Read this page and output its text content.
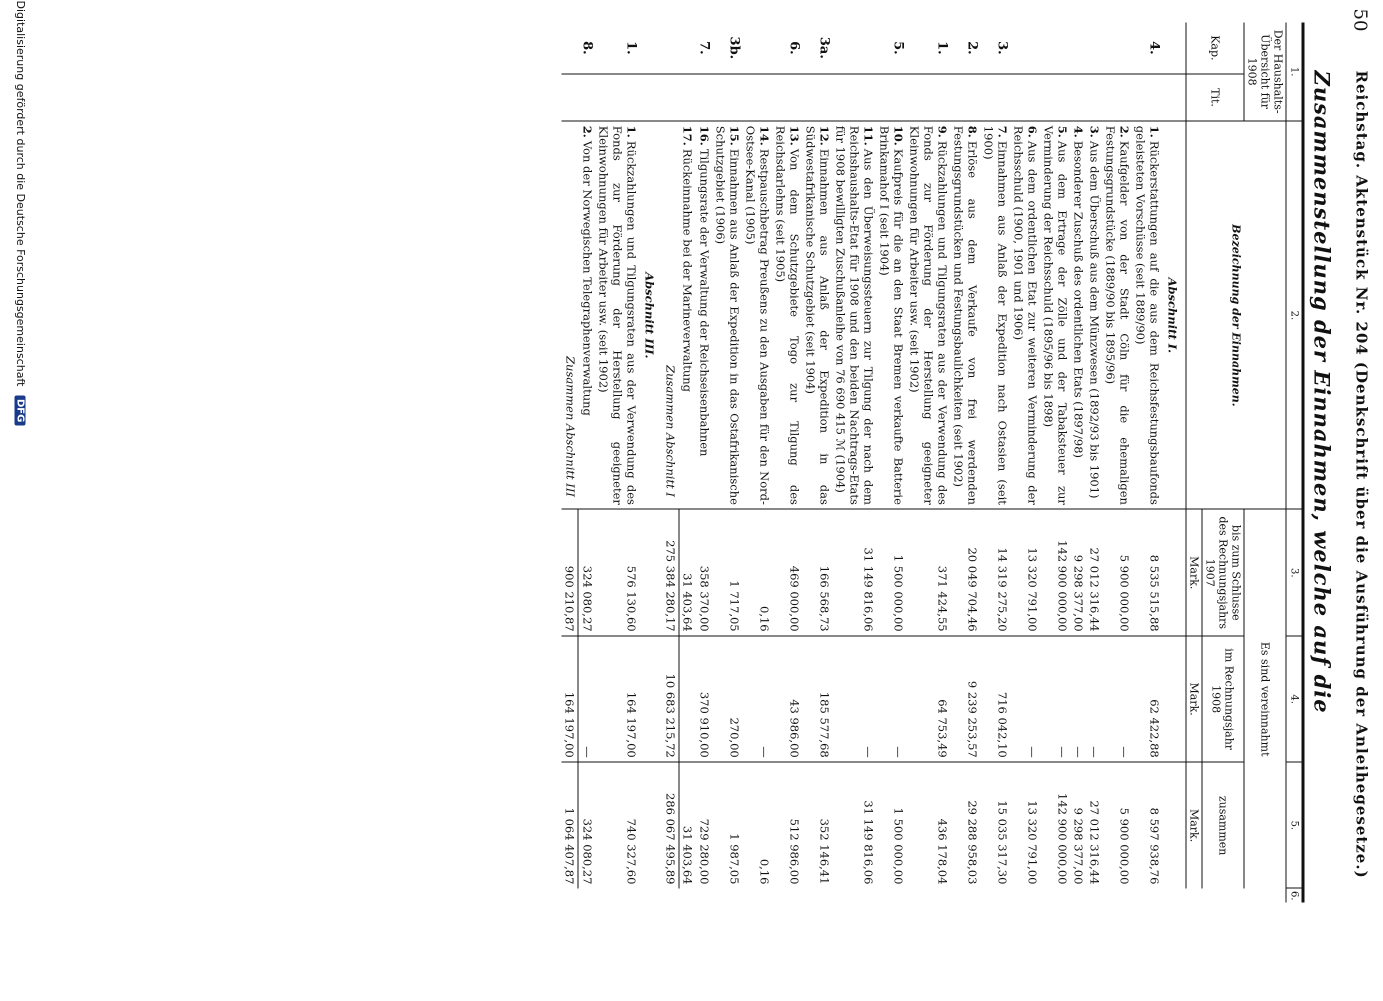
50
Reichstag. Aktenstück Nr. 204 (Denkschrift über die Ausführung der Anleihegesetze.)
Zusammenstellung der Einnahmen, welche auf die
1.		2.	3.	4.	5.	6.
Der Haushalts-Übersicht für 1908		Bezeichnung der Einnahmen.	Es sind vereinnahmt			
Kap.	Tit.		bis zum Schlusse des Rechnungsjahrs 1907	im Rechnungsjahr 1908	zusammen	
			Mark.	Mark.	Mark.	
		Abschnitt I.				
4.		1.Rückerstattungen auf die aus dem Reichsfestungsbaufonds geleisteten Vorschüsse (seit 1889/90)	8 535 515,88	62 422,88	8 597 938,76	
		2.Kaufgelder von der Stadt Cöln für die ehemaligen Festungsgrundstücke (1889/90 bis 1895/96)	5 900 000,00	—	5 900 000,00	
		3.Aus dem Überschuß aus dem Münzwesen (1892/93 bis 1901)	27 012 316,44	—	27 012 316,44	
		4.Besonderer Zuschuß des ordentlichen Etats (1897/98)	9 298 377,00	—	9 298 377,00	
		5.Aus dem Ertrage der Zölle und der Tabaksteuer zur Verminderung der Reichsschuld (1895/96 bis 1898)	142 900 000,00	—	142 900 000,00	
		6.Aus dem ordentlichen Etat zur weiteren Verminderung der Reichsschuld (1900, 1901 und 1906)	13 320 791,00	—	13 320 791,00	
3.		7.Einnahmen aus Anlaß der Expedition nach Ostasien (seit 1900)	14 319 275,20	716 042,10	15 035 317,30	
2.		8.Erlöse aus dem Verkaufe von frei werdenden Festungsgrundstücken und Festungsbaulichkeiten (seit 1902)	20 049 704,46	9 239 253,57	29 288 958,03	
1.		9.Rückzahlungen und Tilgungsraten aus der Verwendung des Fonds zur Förderung der Herstellung geeigneter Kleinwohnungen für Arbeiter usw. (seit 1902)	371 424,55	64 753,49	436 178,04	
5.		10.Kaufpreis für die an den Staat Bremen verkaufte Batterie Brinkamahof I (seit 1904)	1 500 000,00	—	1 500 000,00	
		11.Aus den Überweisungssteuern zur Tilgung der nach dem Reichshaushalts-Etat für 1908 und den beiden Nachtrags-Etats für 1908 bewilligten Zuschußanleihe von 76 690 415 ℳ (1904)	31 149 816,06	—	31 149 816,06	
3a.		12.Einnahmen aus Anlaß der Expedition in das Südwestafrikanische Schutzgebiet (seit 1904)	166 568,73	185 577,68	352 146,41	
6.		13.Von dem Schutzgebiete Togo zur Tilgung des Reichsdarlehns (seit 1905)	469 000,00	43 986,00	512 986,00	
		14.Restpauschbetrag Preußens zu den Ausgaben für den Nord-Ostsee-Kanal (1905)	0,16	—	0,16	
3b.		15.Einnahmen aus Anlaß der Expedition in das Ostafrikanische Schutzgebiet (1906)	1 717,05	270,00	1 987,05	
7.		16.Tilgungsrate der Verwaltung der Reichseisenbahnen	358 370,00	370 910,00	729 280,00	
		17.Rückeinnahme bei der Marineverwaltung	31 403,64		31 403,64	
		Zusammen Abschnitt I	275 384 280,17	10 683 215,72	286 067 495,89	
		Abschnitt III.				
1.		1.Rückzahlungen und Tilgungsraten aus der Verwendung des Fonds zur Förderung der Herstellung geeigneter Kleinwohnungen für Arbeiter usw. (seit 1902)	576 130,60	164 197,00	740 327,60	
8.		2.Von der Norwegischen Telegraphenverwaltung	324 080,27	—	324 080,27	
		Zusammen Abschnitt III	900 210,87	164 197,00	1 064 407,87	
Digitalisierung gefördert durch die Deutsche Forschungsgemeinschaft DFG
